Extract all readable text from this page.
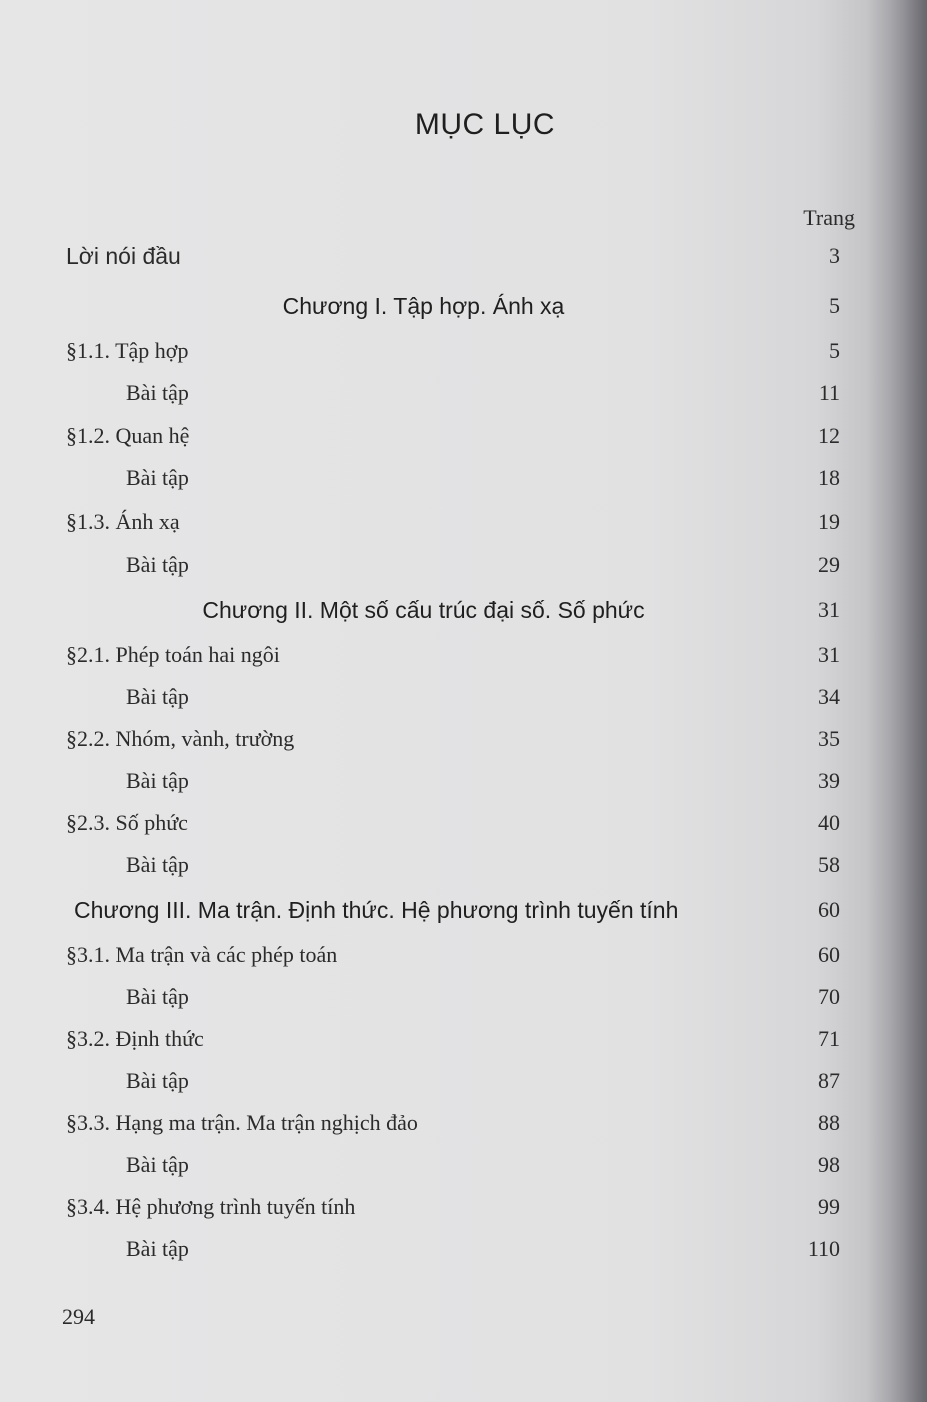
MỤC LỤC
Trang
Lời nói đầu	3
Chương I. Tập hợp. Ánh xạ	5
§1.1. Tập hợp	5
Bài tập	11
§1.2. Quan hệ	12
Bài tập	18
§1.3. Ánh xạ	19
Bài tập	29
Chương II. Một số cấu trúc đại số. Số phức	31
§2.1. Phép toán hai ngôi	31
Bài tập	34
§2.2. Nhóm, vành, trường	35
Bài tập	39
§2.3. Số phức	40
Bài tập	58
Chương III. Ma trận. Định thức. Hệ phương trình tuyến tính	60
§3.1. Ma trận và các phép toán	60
Bài tập	70
§3.2. Định thức	71
Bài tập	87
§3.3. Hạng ma trận. Ma trận nghịch đảo	88
Bài tập	98
§3.4. Hệ phương trình tuyến tính	99
Bài tập	110
294
